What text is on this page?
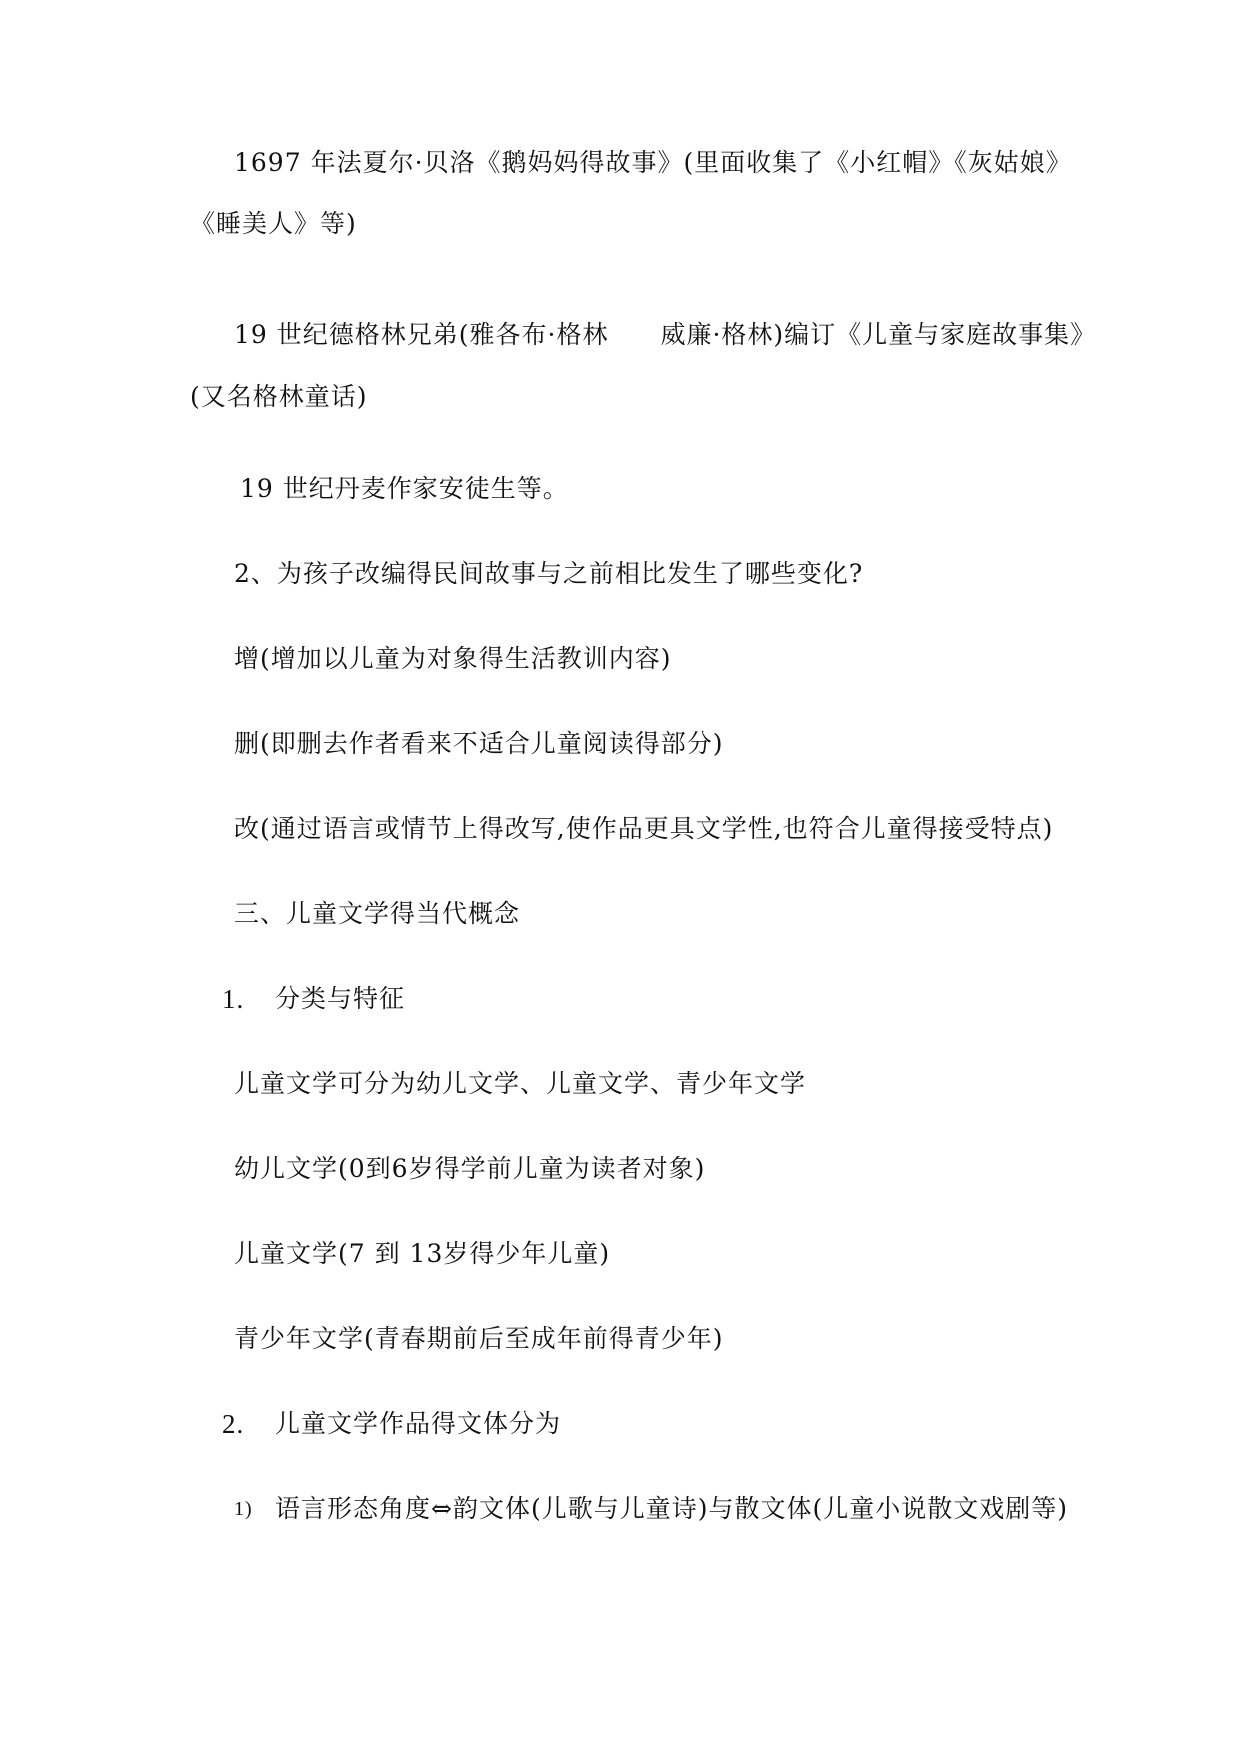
1697 年法夏尔·贝洛《鹅妈妈得故事》(里面收集了《小红帽》《灰姑娘》
《睡美人》等)
19 世纪德格林兄弟(雅各布·格林　　威廉·格林)编订《儿童与家庭故事集》
(又名格林童话)
19 世纪丹麦作家安徒生等。
2、为孩子改编得民间故事与之前相比发生了哪些变化?
增(增加以儿童为对象得生活教训内容)
删(即删去作者看来不适合儿童阅读得部分)
改(通过语言或情节上得改写,使作品更具文学性,也符合儿童得接受特点)
三、儿童文学得当代概念
1. 分类与特征
儿童文学可分为幼儿文学、儿童文学、青少年文学
幼儿文学(0到6岁得学前儿童为读者对象)
儿童文学(7 到 13岁得少年儿童)
青少年文学(青春期前后至成年前得青少年)
2. 儿童文学作品得文体分为
1) 语言形态角度⇔韵文体(儿歌与儿童诗)与散文体(儿童小说散文戏剧等)
